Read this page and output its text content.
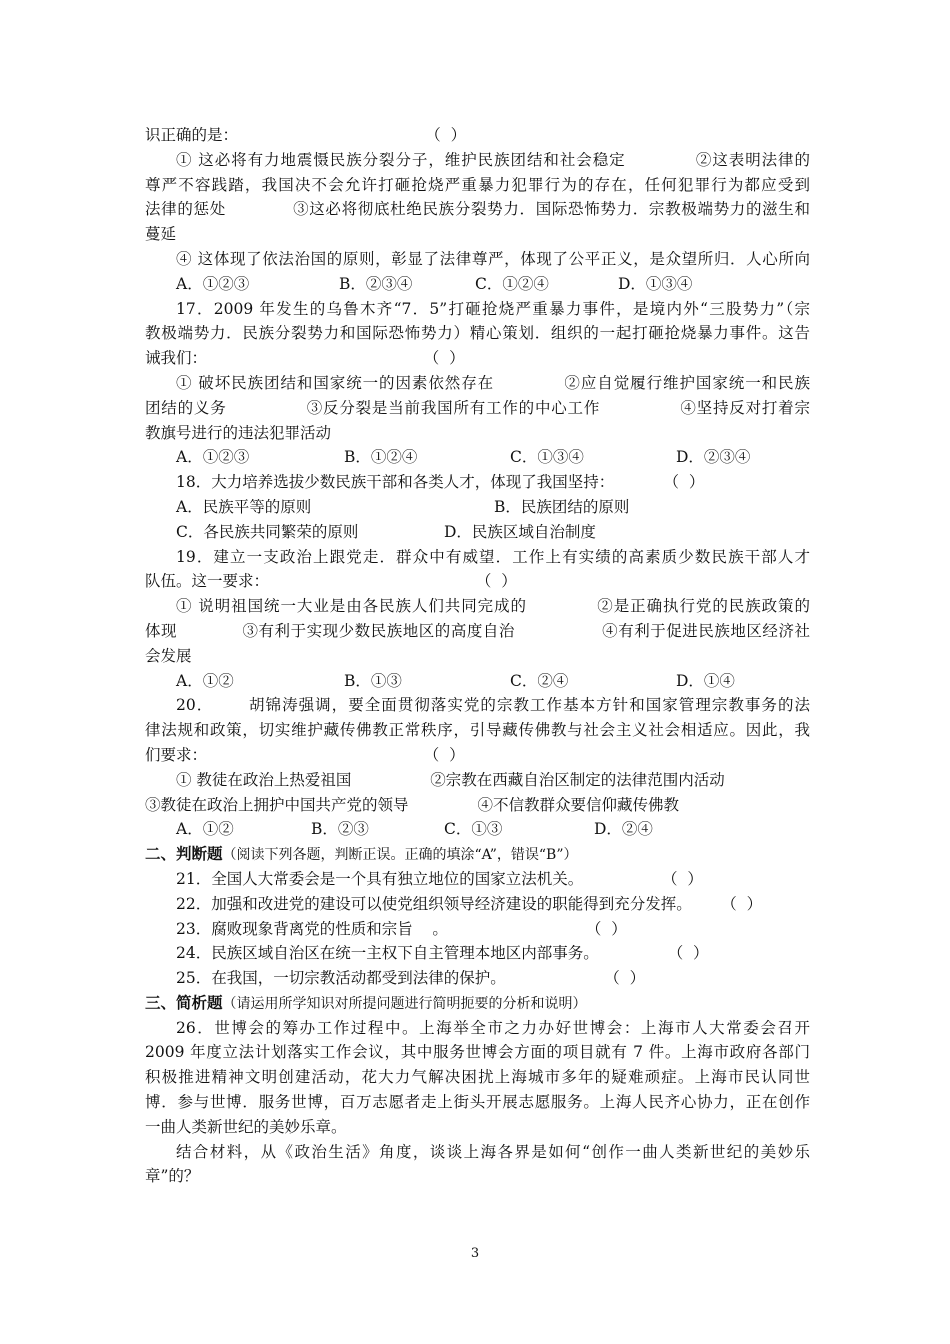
识正确的是：                                      （  ）
① 这必将有力地震慑民族分裂分子，维护民族团结和社会稳定            ②这表明法律的
尊严不容践踏，我国决不会允许打砸抢烧严重暴力犯罪行为的存在，任何犯罪行为都应受到
法律的惩处            ③这必将彻底杜绝民族分裂势力．国际恐怖势力．宗教极端势力的滋生和
蔓延
④ 这体现了依法治国的原则，彰显了法律尊严，体现了公平正义，是众望所归．人心所向
A．①②③	B．②③④	C．①②④	D．①③④
17．2009 年发生的乌鲁木齐“7．5”打砸抢烧严重暴力事件，是境内外“三股势力”（宗
教极端势力．民族分裂势力和国际恐怖势力）精心策划．组织的一起打砸抢烧暴力事件。这告
诫我们：                                            （  ）
① 破坏民族团结和国家统一的因素依然存在            ②应自觉履行维护国家统一和民族
团结的义务              ③反分裂是当前我国所有工作的中心工作              ④坚持反对打着宗
教旗号进行的违法犯罪活动
A．①②③	B．①②④	C．①③④	D．②③④
18．大力培养选拔少数民族干部和各类人才，体现了我国坚持：          （  ）
A．民族平等的原则	B．民族团结的原则
C．各民族共同繁荣的原则	D．民族区域自治制度
19．建立一支政治上跟党走．群众中有威望．工作上有实绩的高素质少数民族干部人才
队伍。这一要求：                                          （  ）
① 说明祖国统一大业是由各民族人们共同完成的            ②是正确执行党的民族政策的
体现            ③有利于实现少数民族地区的高度自治                ④有利于促进民族地区经济社
会发展
A．①②	B．①③	C．②④	D．①④
20．      胡锦涛强调，要全面贯彻落实党的宗教工作基本方针和国家管理宗教事务的法
律法规和政策，切实维护藏传佛教正常秩序，引导藏传佛教与社会主义社会相适应。因此，我
们要求：                                            （  ）
① 教徒在政治上热爱祖国                ②宗教在西藏自治区制定的法律范围内活动
③教徒在政治上拥护中国共产党的领导              ④不信教群众要信仰藏传佛教
A．①②	B．②③	C．①③	D．②④
二、判断题（阅读下列各题，判断正误。正确的填涂“A”，错误“B”）
21．全国人大常委会是一个具有独立地位的国家立法机关。                （  ）
22．加强和改进党的建设可以使党组织领导经济建设的职能得到充分发挥。      （  ）
23．腐败现象背离党的性质和宗旨    。                            （  ）
24．民族区域自治区在统一主权下自主管理本地区内部事务。              （  ）
25．在我国，一切宗教活动都受到法律的保护。                    （  ）
三、简析题（请运用所学知识对所提问题进行简明扼要的分析和说明）
26．世博会的筹办工作过程中。上海举全市之力办好世博会：上海市人大常委会召开
2009 年度立法计划落实工作会议，其中服务世博会方面的项目就有 7 件。上海市政府各部门
积极推进精神文明创建活动，花大力气解决困扰上海城市多年的疑难顽症。上海市民认同世
博．参与世博．服务世博，百万志愿者走上街头开展志愿服务。上海人民齐心协力，正在创作
一曲人类新世纪的美妙乐章。
结合材料，从《政治生活》角度，谈谈上海各界是如何“创作一曲人类新世纪的美妙乐
章”的？
3
